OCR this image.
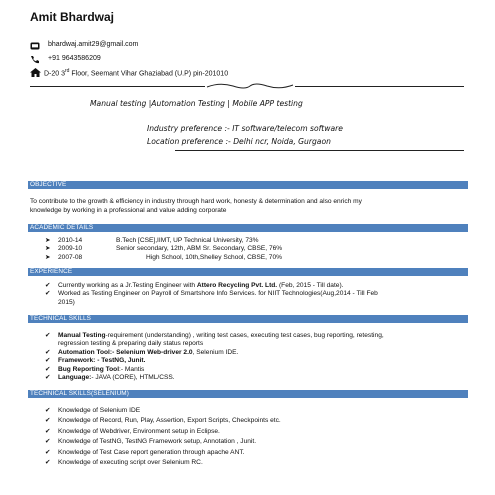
Amit Bhardwaj
bhardwaj.amit29@gmail.com
+91 9643586209
D-20 3rd Floor, Seemant Vihar Ghaziabad (U.P) pin-201010
Manual testing |Automation Testing | Mobile APP testing
Industry preference :- IT software/telecom software
Location preference :- Delhi ncr, Noida, Gurgaon
OBJECTIVE
To contribute to the growth & efficiency in industry through hard work, honesty & determination and also enrich my
knowledge by working in a professional and value adding corporate
ACADEMIC DETAILS
➤ 2010-14	B.Tech [CSE],IIMT, UP Technical University, 73%
➤ 2009-10	Senior secondary, 12th, ABM Sr. Secondary, CBSE, 76%
➤ 2007-08	High School, 10th,Shelley School, CBSE, 70%
EXPERIENCE
✔ Currently working as a Jr.Testing Engineer with Attero Recycling Pvt. Ltd. (Feb, 2015 - Till date).
✔ Worked as Testing Engineer on Payroll of Smartshore Info Services. for NIIT Technologies(Aug,2014 - Till Feb
2015)
TECHNICAL SKILLS
✔ Manual Testing-requirement (understanding) , writing test cases, executing test cases, bug reporting, retesting,
regression testing & preparing daily status reports
✔ Automation Tool:- Selenium Web-driver 2.0, Selenium IDE.
✔ Framework: - TestNG, Junit.
✔ Bug Reporting Tool:- Mantis
✔ Language:- JAVA (CORE), HTML/CSS.
TECHNICAL SKILLS(SELENIUM)
✔ Knowledge of Selenium IDE
✔ Knowledge of Record, Run, Play, Assertion, Export Scripts, Checkpoints etc.
✔ Knowledge of Webdriver, Environment setup in Eclipse.
✔ Knowledge of TestNG, TestNG Framework setup, Annotation , Junit.
✔ Knowledge of Test Case report generation through apache ANT.
✔ Knowledge of executing script over Selenium RC.
